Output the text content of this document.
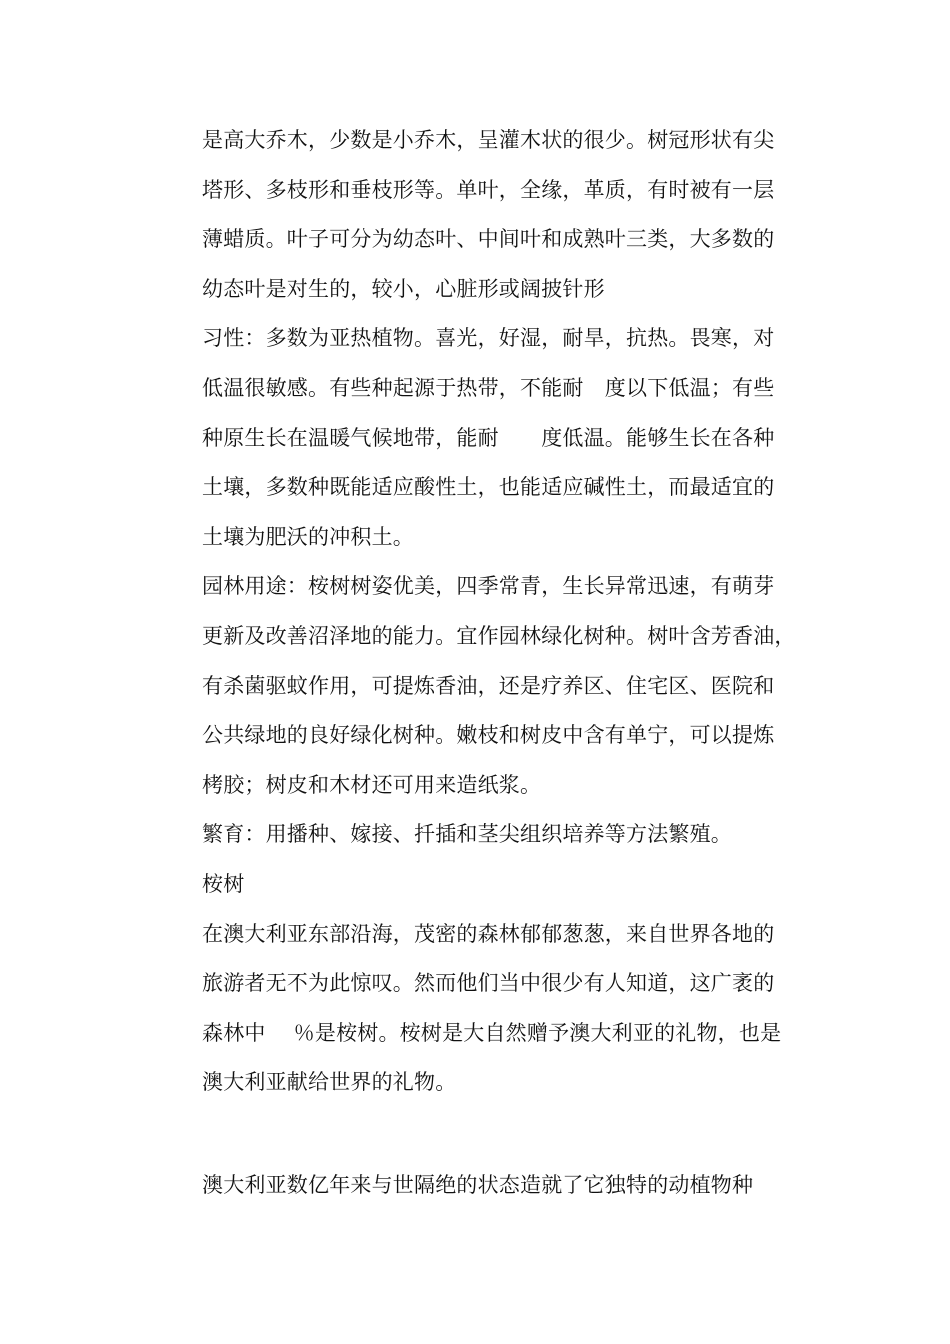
是高大乔木，少数是小乔木，呈灌木状的很少。树冠形状有尖
塔形、多枝形和垂枝形等。单叶，全缘，革质，有时被有一层
薄蜡质。叶子可分为幼态叶、中间叶和成熟叶三类，大多数的
幼态叶是对生的，较小，心脏形或阔披针形
习性：多数为亚热植物。喜光，好湿，耐旱，抗热。畏寒，对
低温很敏感。有些种起源于热带，不能耐　度以下低温；有些
种原生长在温暖气候地带，能耐　　度低温。能够生长在各种
土壤，多数种既能适应酸性土，也能适应碱性土，而最适宜的
土壤为肥沃的冲积土。
园林用途：桉树树姿优美，四季常青，生长异常迅速，有萌芽
更新及改善沼泽地的能力。宜作园林绿化树种。树叶含芳香油，
有杀菌驱蚊作用，可提炼香油，还是疗养区、住宅区、医院和
公共绿地的良好绿化树种。嫩枝和树皮中含有单宁，可以提炼
栲胶；树皮和木材还可用来造纸浆。
繁育：用播种、嫁接、扦插和茎尖组织培养等方法繁殖。
桉树
在澳大利亚东部沿海，茂密的森林郁郁葱葱，来自世界各地的
旅游者无不为此惊叹。然而他们当中很少有人知道，这广袤的
森林中　 ％是桉树。桉树是大自然赠予澳大利亚的礼物，也是
澳大利亚献给世界的礼物。
澳大利亚数亿年来与世隔绝的状态造就了它独特的动植物种
